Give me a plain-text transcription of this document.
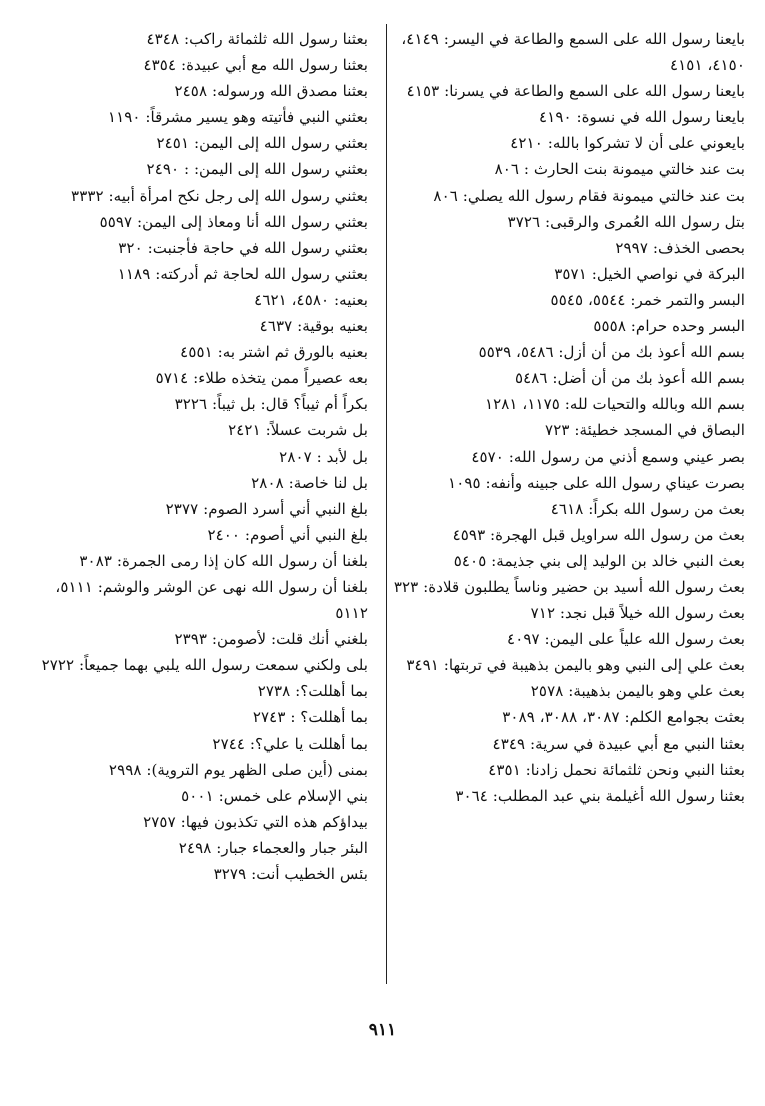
بايعنا رسول الله على السمع والطاعة في اليسر: ٤١٤٩، ٤١٥٠، ٤١٥١

بايعنا رسول الله على السمع والطاعة في يسرنا: ٤١٥٣

بايعنا رسول الله في نسوة: ٤١٩٠

بايعوني على أن لا تشركوا بالله: ٤٢١٠

بت عند خالتي ميمونة بنت الحارث : ٨٠٦

بت عند خالتي ميمونة فقام رسول الله يصلي: ٨٠٦

بتل رسول الله العُمرى والرقبى: ٣٧٢٦

بحصى الخذف: ٢٩٩٧

البركة في نواصي الخيل: ٣٥٧١

البسر والتمر خمر: ٥٥٤٤، ٥٥٤٥

البسر وحده حرام: ٥٥٥٨

بسم الله أعوذ بك من أن أزل: ٥٤٨٦، ٥٥٣٩

بسم الله أعوذ بك من أن أضل: ٥٤٨٦

بسم الله وبالله والتحيات لله: ١١٧٥، ١٢٨١

البصاق في المسجد خطيئة: ٧٢٣

بصر عيني وسمع أذني من رسول الله: ٤٥٧٠

بصرت عيناي رسول الله على جبينه وأنفه: ١٠٩٥

بعث من رسول الله بكراً: ٤٦١٨

بعث من رسول الله سراويل قبل الهجرة: ٤٥٩٣

بعث النبي خالد بن الوليد إلى بني جذيمة: ٥٤٠٥

بعث رسول الله أسيد بن حضير وناساً يطلبون قلادة: ٣٢٣

بعث رسول الله خيلاً قبل نجد: ٧١٢

بعث رسول الله علياً على اليمن: ٤٠٩٧

بعث علي إلى النبي وهو باليمن بذهيبة في تربتها: ٣٤٩١

بعث علي وهو باليمن بذهيبة: ٢٥٧٨

بعثت بجوامع الكلم: ٣٠٨٧، ٣٠٨٨، ٣٠٨٩

بعثنا النبي مع أبي عبيدة في سرية: ٤٣٤٩

بعثنا النبي ونحن ثلثمائة نحمل زادنا: ٤٣٥١

بعثنا رسول الله أغيلمة بني عبد المطلب: ٣٠٦٤

بعثنا رسول الله ثلثمائة راكب: ٤٣٤٨

بعثنا رسول الله مع أبي عبيدة: ٤٣٥٤

بعثنا مصدق الله ورسوله: ٢٤٥٨

بعثني النبي فأتيته وهو يسير مشرقاً: ١١٩٠

بعثني رسول الله إلى اليمن: ٢٤٥١

بعثني رسول الله إلى اليمن: : ٢٤٩٠

بعثني رسول الله إلى رجل نكح امرأة أبيه: ٣٣٣٢

بعثني رسول الله أنا ومعاذ إلى اليمن: ٥٥٩٧

بعثني رسول الله في حاجة فأجنبت: ٣٢٠

بعثني رسول الله لحاجة ثم أدركته: ١١٨٩

بعنيه: ٤٥٨٠، ٤٦٢١

بعنيه بوقية: ٤٦٣٧

بعنيه بالورق ثم اشتر به: ٤٥٥١

بعه عصيراً ممن يتخذه طلاء: ٥٧١٤

بكراً أم ثيباً؟ قال: بل ثيباً: ٣٢٢٦

بل شربت عسلاً: ٢٤٢١

بل لأبد : ٢٨٠٧

بل لنا خاصة: ٢٨٠٨

بلغ النبي أني أسرد الصوم: ٢٣٧٧

بلغ النبي أني أصوم: ٢٤٠٠

بلغنا أن رسول الله كان إذا رمى الجمرة: ٣٠٨٣

بلغنا أن رسول الله نهى عن الوشر والوشم: ٥١١١، ٥١١٢

بلغني أنك قلت: لأصومن: ٢٣٩٣

بلى ولكني سمعت رسول الله يلبي بهما جميعاً: ٢٧٢٢

بما أهللت؟: ٢٧٣٨

بما أهللت؟ : ٢٧٤٣

بما أهللت يا علي؟: ٢٧٤٤

بمنى (أين صلى الظهر يوم التروية): ٢٩٩٨

بني الإسلام على خمس: ٥٠٠١

بيداؤكم هذه التي تكذبون فيها: ٢٧٥٧

البئر جبار والعجماء جبار: ٢٤٩٨

بئس الخطيب أنت: ٣٢٧٩

٩١١
